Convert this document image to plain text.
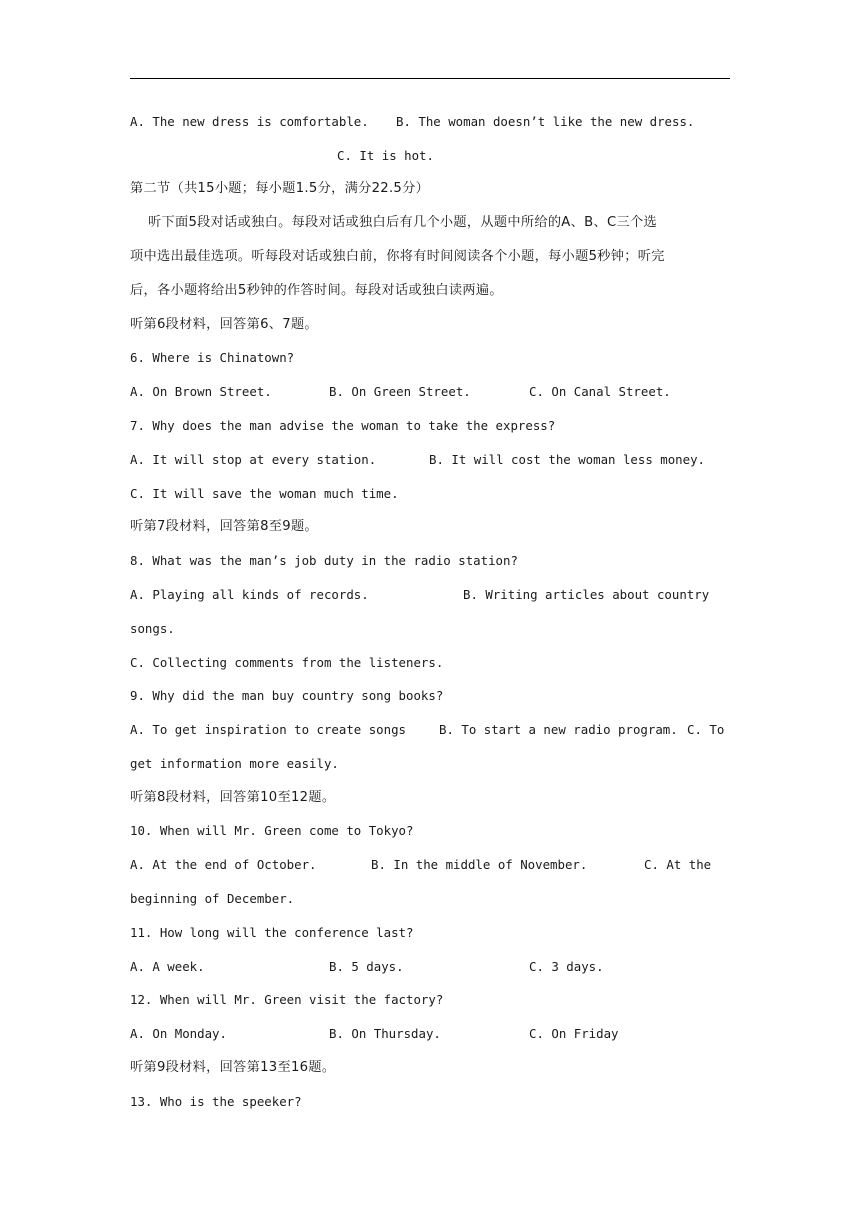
A. The new dress is comfortable.

B. The woman doesn’t like the new dress.

C. It is hot.
第二节（共15小题；每小题1.5分，满分22.5分）
听下面5段对话或独白。每段对话或独白后有几个小题，从题中所给的A、B、C三个选
项中选出最佳选项。听每段对话或独白前，你将有时间阅读各个小题，每小题5秒钟；听完
后，各小题将给出5秒钟的作答时间。每段对话或独白读两遍。
听第6段材料，回答第6、7题。
6. Where is Chinatown?

A. On Brown Street.

	B. On Green Street.

	C. On Canal Street.

7. Why does the man advise the woman to take the express?

A. It will stop at every station.

	B. It will cost the woman less money.

C. It will save the woman much time.
听第7段材料，回答第8至9题。
8. What was the man’s job duty in the radio station?

A. Playing all kinds of records.

	B. Writing articles about country

songs.
C. Collecting comments from the listeners.
9. Why did the man buy country song books?

A. To get inspiration to create songs

	B. To start a new radio program.

C. To

get information more easily.
听第8段材料，回答第10至12题。
10. When will Mr. Green come to Tokyo?

A. At the end of October.

	B. In the middle of November.

	C. At the

beginning of December.
11. How long will the conference last?

A. A week.

	B. 5 days.

	C. 3 days.

12. When will Mr. Green visit the factory?

A. On Monday.

	B. On Thursday.

	C. On Friday

听第9段材料，回答第13至16题。
13. Who is the speeker?
